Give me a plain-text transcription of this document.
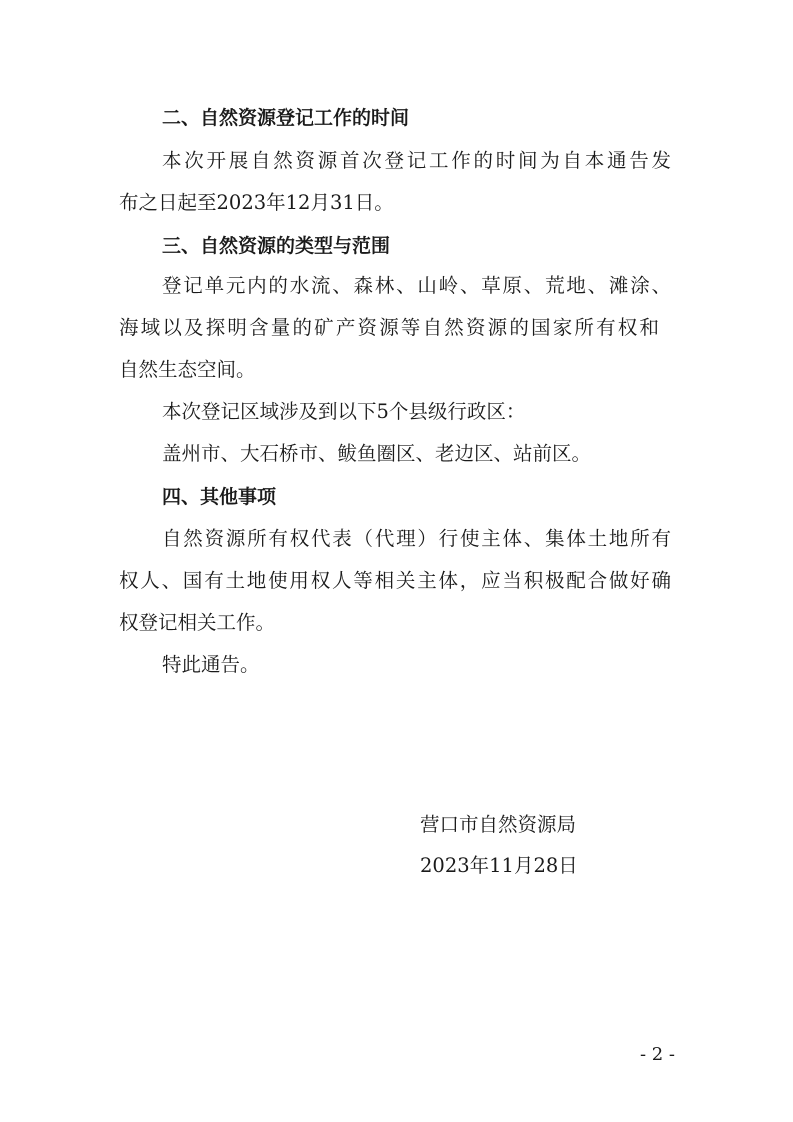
二、自然资源登记工作的时间
本次开展自然资源首次登记工作的时间为自本通告发
布之日起至2023年12月31日。
三、自然资源的类型与范围
登记单元内的水流、森林、山岭、草原、荒地、滩涂、
海域以及探明含量的矿产资源等自然资源的国家所有权和
自然生态空间。
本次登记区域涉及到以下5个县级行政区：
盖州市、大石桥市、鲅鱼圈区、老边区、站前区。
四、其他事项
自然资源所有权代表（代理）行使主体、集体土地所有
权人、国有土地使用权人等相关主体，应当积极配合做好确
权登记相关工作。
特此通告。
营口市自然资源局
2023年11月28日
- 2 -
